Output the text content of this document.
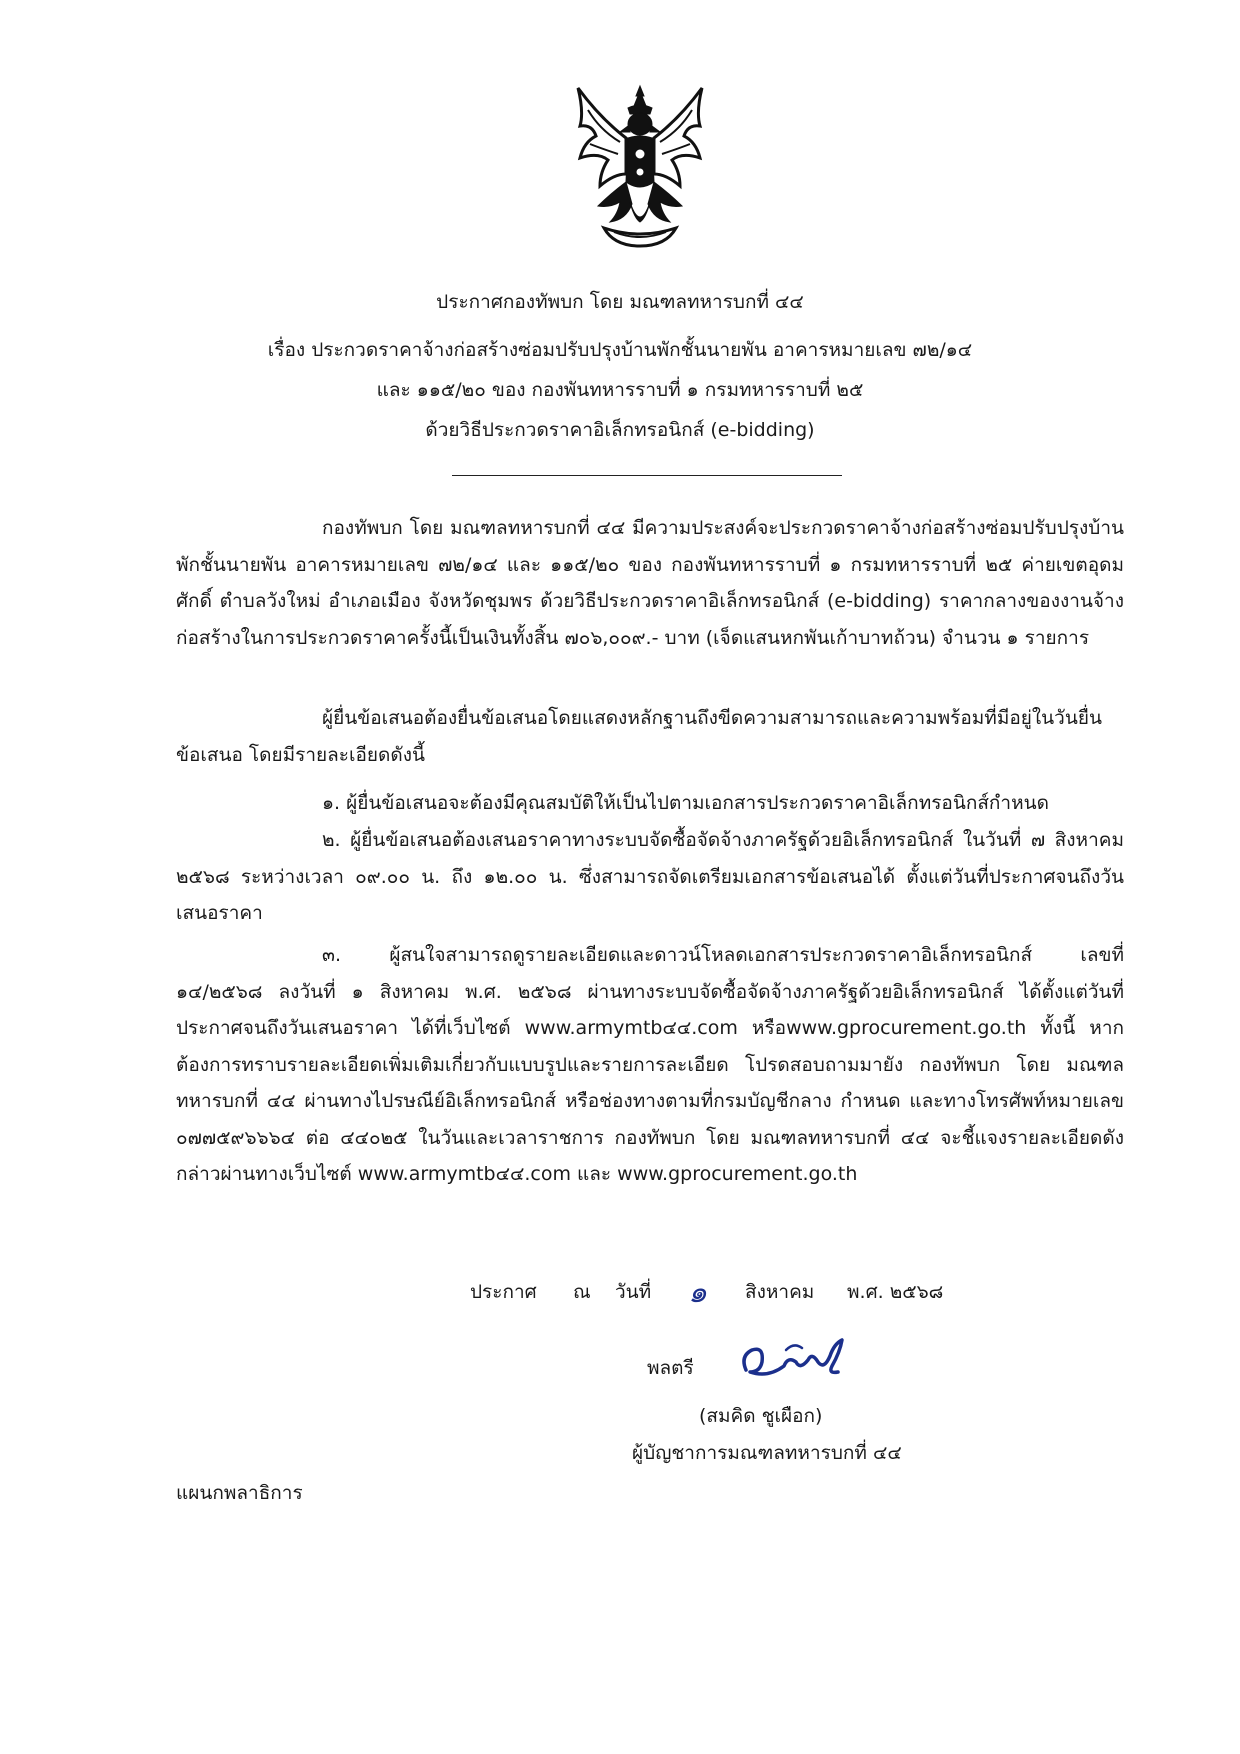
ประกาศกองทัพบก โดย มณฑลทหารบกที่ ๔๔
เรื่อง ประกวดราคาจ้างก่อสร้างซ่อมปรับปรุงบ้านพักชั้นนายพัน อาคารหมายเลข ๗๒/๑๔
และ ๑๑๕/๒๐ ของ กองพันทหารราบที่ ๑ กรมทหารราบที่ ๒๕
ด้วยวิธีประกวดราคาอิเล็กทรอนิกส์ (e-bidding)
กองทัพบก โดย มณฑลทหารบกที่ ๔๔ มีความประสงค์จะประกวดราคาจ้างก่อสร้างซ่อมปรับปรุงบ้านพักชั้นนายพัน อาคารหมายเลข ๗๒/๑๔ และ ๑๑๕/๒๐ ของ กองพันทหารราบที่ ๑ กรมทหารราบที่ ๒๕ ค่ายเขตอุดมศักดิ์ ตำบลวังใหม่ อำเภอเมือง จังหวัดชุมพร ด้วยวิธีประกวดราคาอิเล็กทรอนิกส์ (e-bidding) ราคากลางของงานจ้างก่อสร้างในการประกวดราคาครั้งนี้เป็นเงินทั้งสิ้น ๗๐๖,๐๐๙.- บาท (เจ็ดแสนหกพันเก้าบาทถ้วน) จำนวน ๑ รายการ
ผู้ยื่นข้อเสนอต้องยื่นข้อเสนอโดยแสดงหลักฐานถึงขีดความสามารถและความพร้อมที่มีอยู่ในวันยื่นข้อเสนอ โดยมีรายละเอียดดังนี้
๑. ผู้ยื่นข้อเสนอจะต้องมีคุณสมบัติให้เป็นไปตามเอกสารประกวดราคาอิเล็กทรอนิกส์กำหนด
๒. ผู้ยื่นข้อเสนอต้องเสนอราคาทางระบบจัดซื้อจัดจ้างภาครัฐด้วยอิเล็กทรอนิกส์ ในวันที่ ๗ สิงหาคม ๒๕๖๘ ระหว่างเวลา ๐๙.๐๐ น. ถึง ๑๒.๐๐ น. ซึ่งสามารถจัดเตรียมเอกสารข้อเสนอได้ ตั้งแต่วันที่ประกาศจนถึงวันเสนอราคา
๓. ผู้สนใจสามารถดูรายละเอียดและดาวน์โหลดเอกสารประกวดราคาอิเล็กทรอนิกส์ เลขที่ ๑๔/๒๕๖๘ ลงวันที่ ๑ สิงหาคม พ.ศ. ๒๕๖๘ ผ่านทางระบบจัดซื้อจัดจ้างภาครัฐด้วยอิเล็กทรอนิกส์ ได้ตั้งแต่วันที่ ประกาศจนถึงวันเสนอราคา ได้ที่เว็บไซต์ www.armymtb๔๔.com หรือwww.gprocurement.go.th ทั้งนี้ หากต้องการทราบรายละเอียดเพิ่มเติมเกี่ยวกับแบบรูปและรายการละเอียด โปรดสอบถามมายัง กองทัพบก โดย มณฑลทหารบกที่ ๔๔ ผ่านทางไปรษณีย์อิเล็กทรอนิกส์ หรือช่องทางตามที่กรมบัญชีกลาง กำหนด และทางโทรศัพท์หมายเลข ๐๗๗๕๙๖๖๖๔ ต่อ ๔๔๐๒๕ ในวันและเวลาราชการ กองทัพบก โดย มณฑลทหารบกที่ ๔๔ จะชี้แจงรายละเอียดดังกล่าวผ่านทางเว็บไซต์ www.armymtb๔๔.com และ www.gprocurement.go.th
ประกาศ ณ วันที่ ๑ สิงหาคม พ.ศ. ๒๕๖๘
พลตรี
(สมคิด ชูเผือก)
ผู้บัญชาการมณฑลทหารบกที่ ๔๔
แผนกพลาธิการ
